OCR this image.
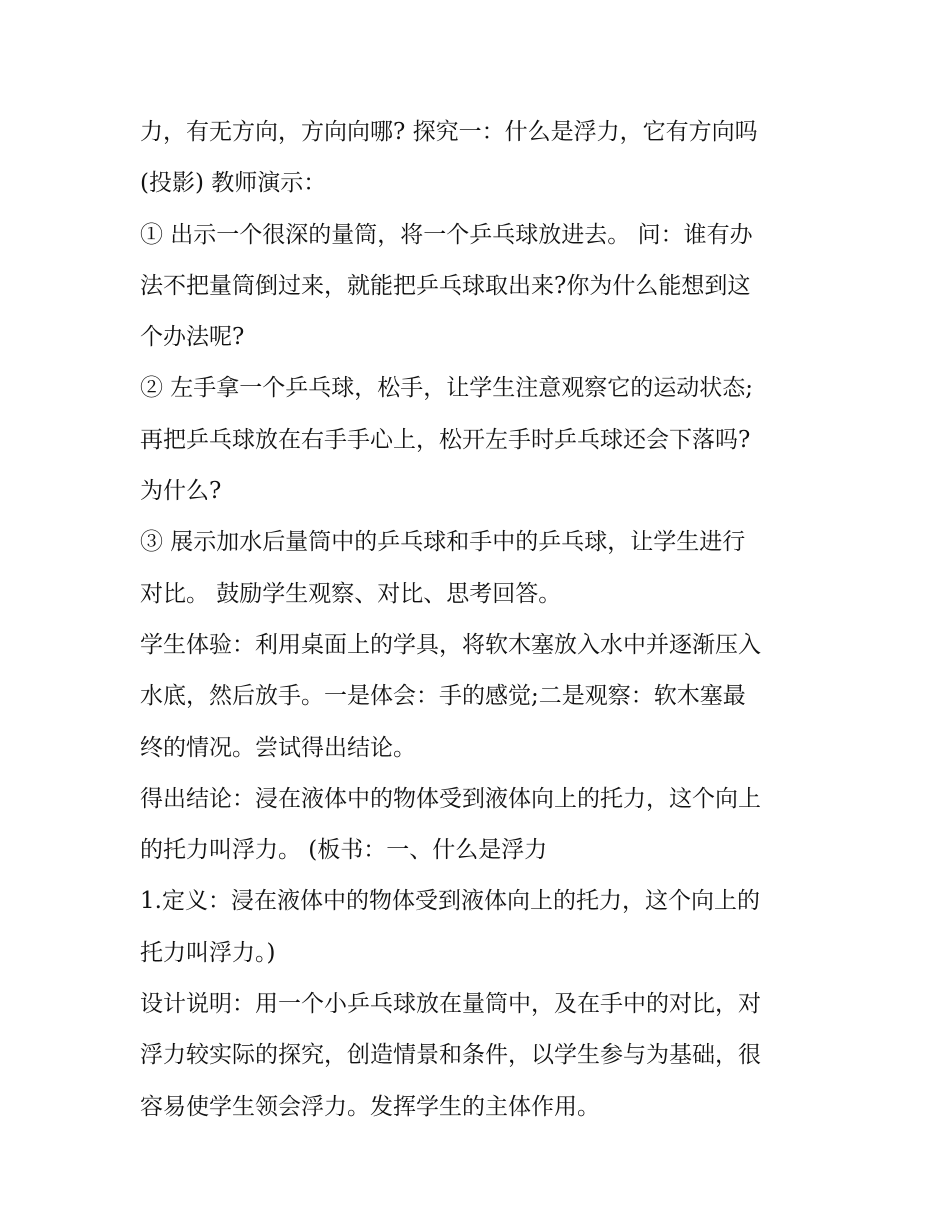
力，有无方向，方向向哪? 探究一：什么是浮力，它有方向吗
(投影) 教师演示：
① 出示一个很深的量筒，将一个乒乓球放进去。 问：谁有办
法不把量筒倒过来，就能把乒乓球取出来?你为什么能想到这
个办法呢?
② 左手拿一个乒乓球，松手，让学生注意观察它的运动状态;
再把乒乓球放在右手手心上，松开左手时乒乓球还会下落吗?
为什么?
③ 展示加水后量筒中的乒乓球和手中的乒乓球，让学生进行
对比。 鼓励学生观察、对比、思考回答。
学生体验：利用桌面上的学具，将软木塞放入水中并逐渐压入
水底，然后放手。一是体会：手的感觉;二是观察：软木塞最
终的情况。尝试得出结论。
得出结论：浸在液体中的物体受到液体向上的托力，这个向上
的托力叫浮力。 (板书：一、什么是浮力
1.定义：浸在液体中的物体受到液体向上的托力，这个向上的
托力叫浮力。)
设计说明：用一个小乒乓球放在量筒中，及在手中的对比，对
浮力较实际的探究，创造情景和条件，以学生参与为基础，很
容易使学生领会浮力。发挥学生的主体作用。
